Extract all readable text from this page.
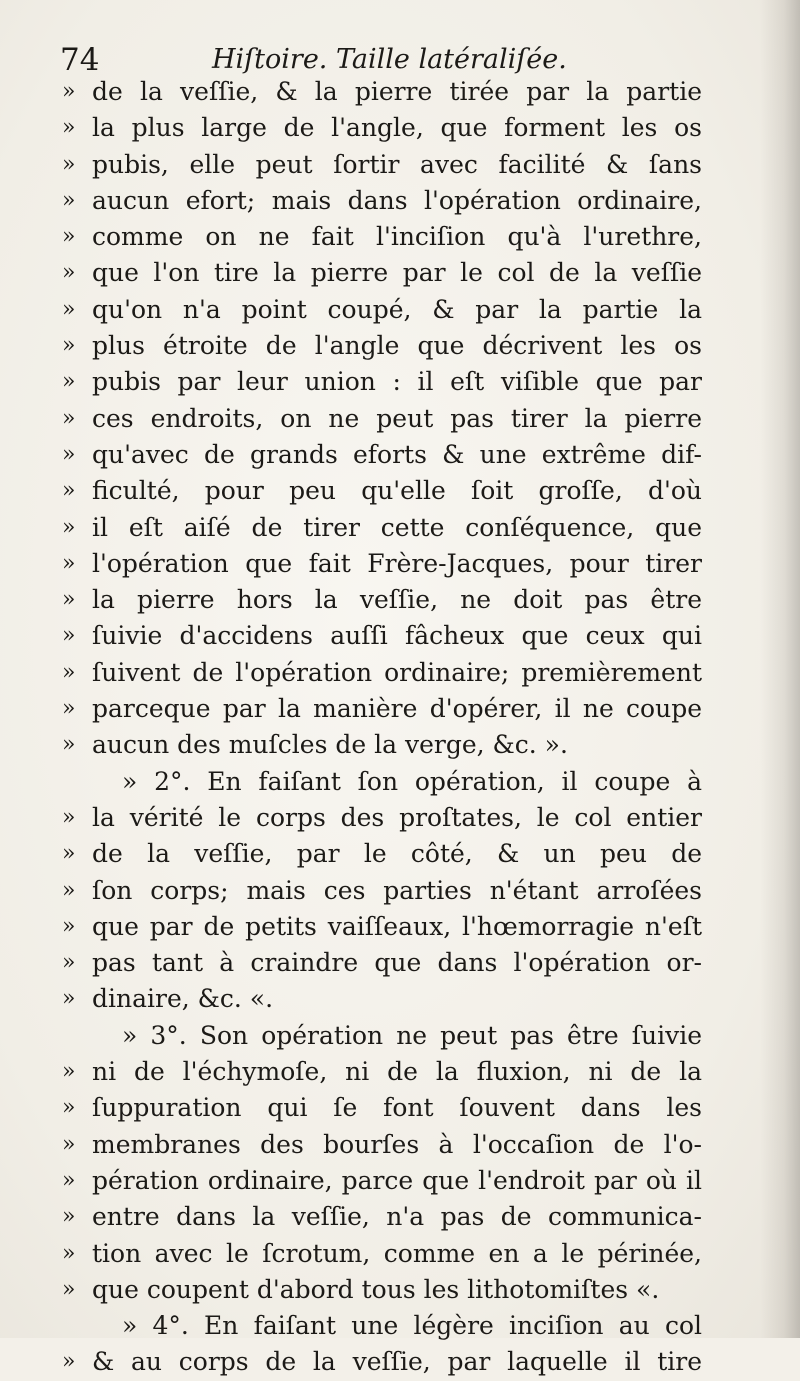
74	Hiſtoire. Taille latéraliſée.
» de la veſſie, & la pierre tirée par la partie
» la plus large de l'angle, que forment les os
» pubis, elle peut ſortir avec facilité & ſans
» aucun efort; mais dans l'opération ordinaire,
» comme on ne fait l'inciſion qu'à l'urethre,
» que l'on tire la pierre par le col de la veſſie
» qu'on n'a point coupé, & par la partie la
» plus étroite de l'angle que décrivent les os
» pubis par leur union : il eſt viſible que par
» ces endroits, on ne peut pas tirer la pierre
» qu'avec de grands eforts & une extrême dif-
» ficulté, pour peu qu'elle ſoit groſſe, d'où
» il eſt aiſé de tirer cette conſéquence, que
» l'opération que fait Frère-Jacques, pour tirer
» la pierre hors la veſſie, ne doit pas être
» ſuivie d'accidens auſſi fâcheux que ceux qui
» ſuivent de l'opération ordinaire; premièrement
» parceque par la manière d'opérer, il ne coupe
» aucun des muſcles de la verge, &c. ».
» 2°. En faiſant ſon opération, il coupe à
» la vérité le corps des proſtates, le col entier
» de la veſſie, par le côté, & un peu de
» ſon corps; mais ces parties n'étant arroſées
» que par de petits vaiſſeaux, l'hœmorragie n'eſt
» pas tant à craindre que dans l'opération or-
» dinaire, &c. «.
» 3°. Son opération ne peut pas être ſuivie
» ni de l'échymoſe, ni de la fluxion, ni de la
» ſuppuration qui ſe font ſouvent dans les
» membranes des bourſes à l'occaſion de l'o-
» pération ordinaire, parce que l'endroit par où il
» entre dans la veſſie, n'a pas de communica-
» tion avec le ſcrotum, comme en a le périnée,
» que coupent d'abord tous les lithotomiſtes «.
» 4°. En faiſant une légère inciſion au col
» & au corps de la veſſie, par laquelle il tire
